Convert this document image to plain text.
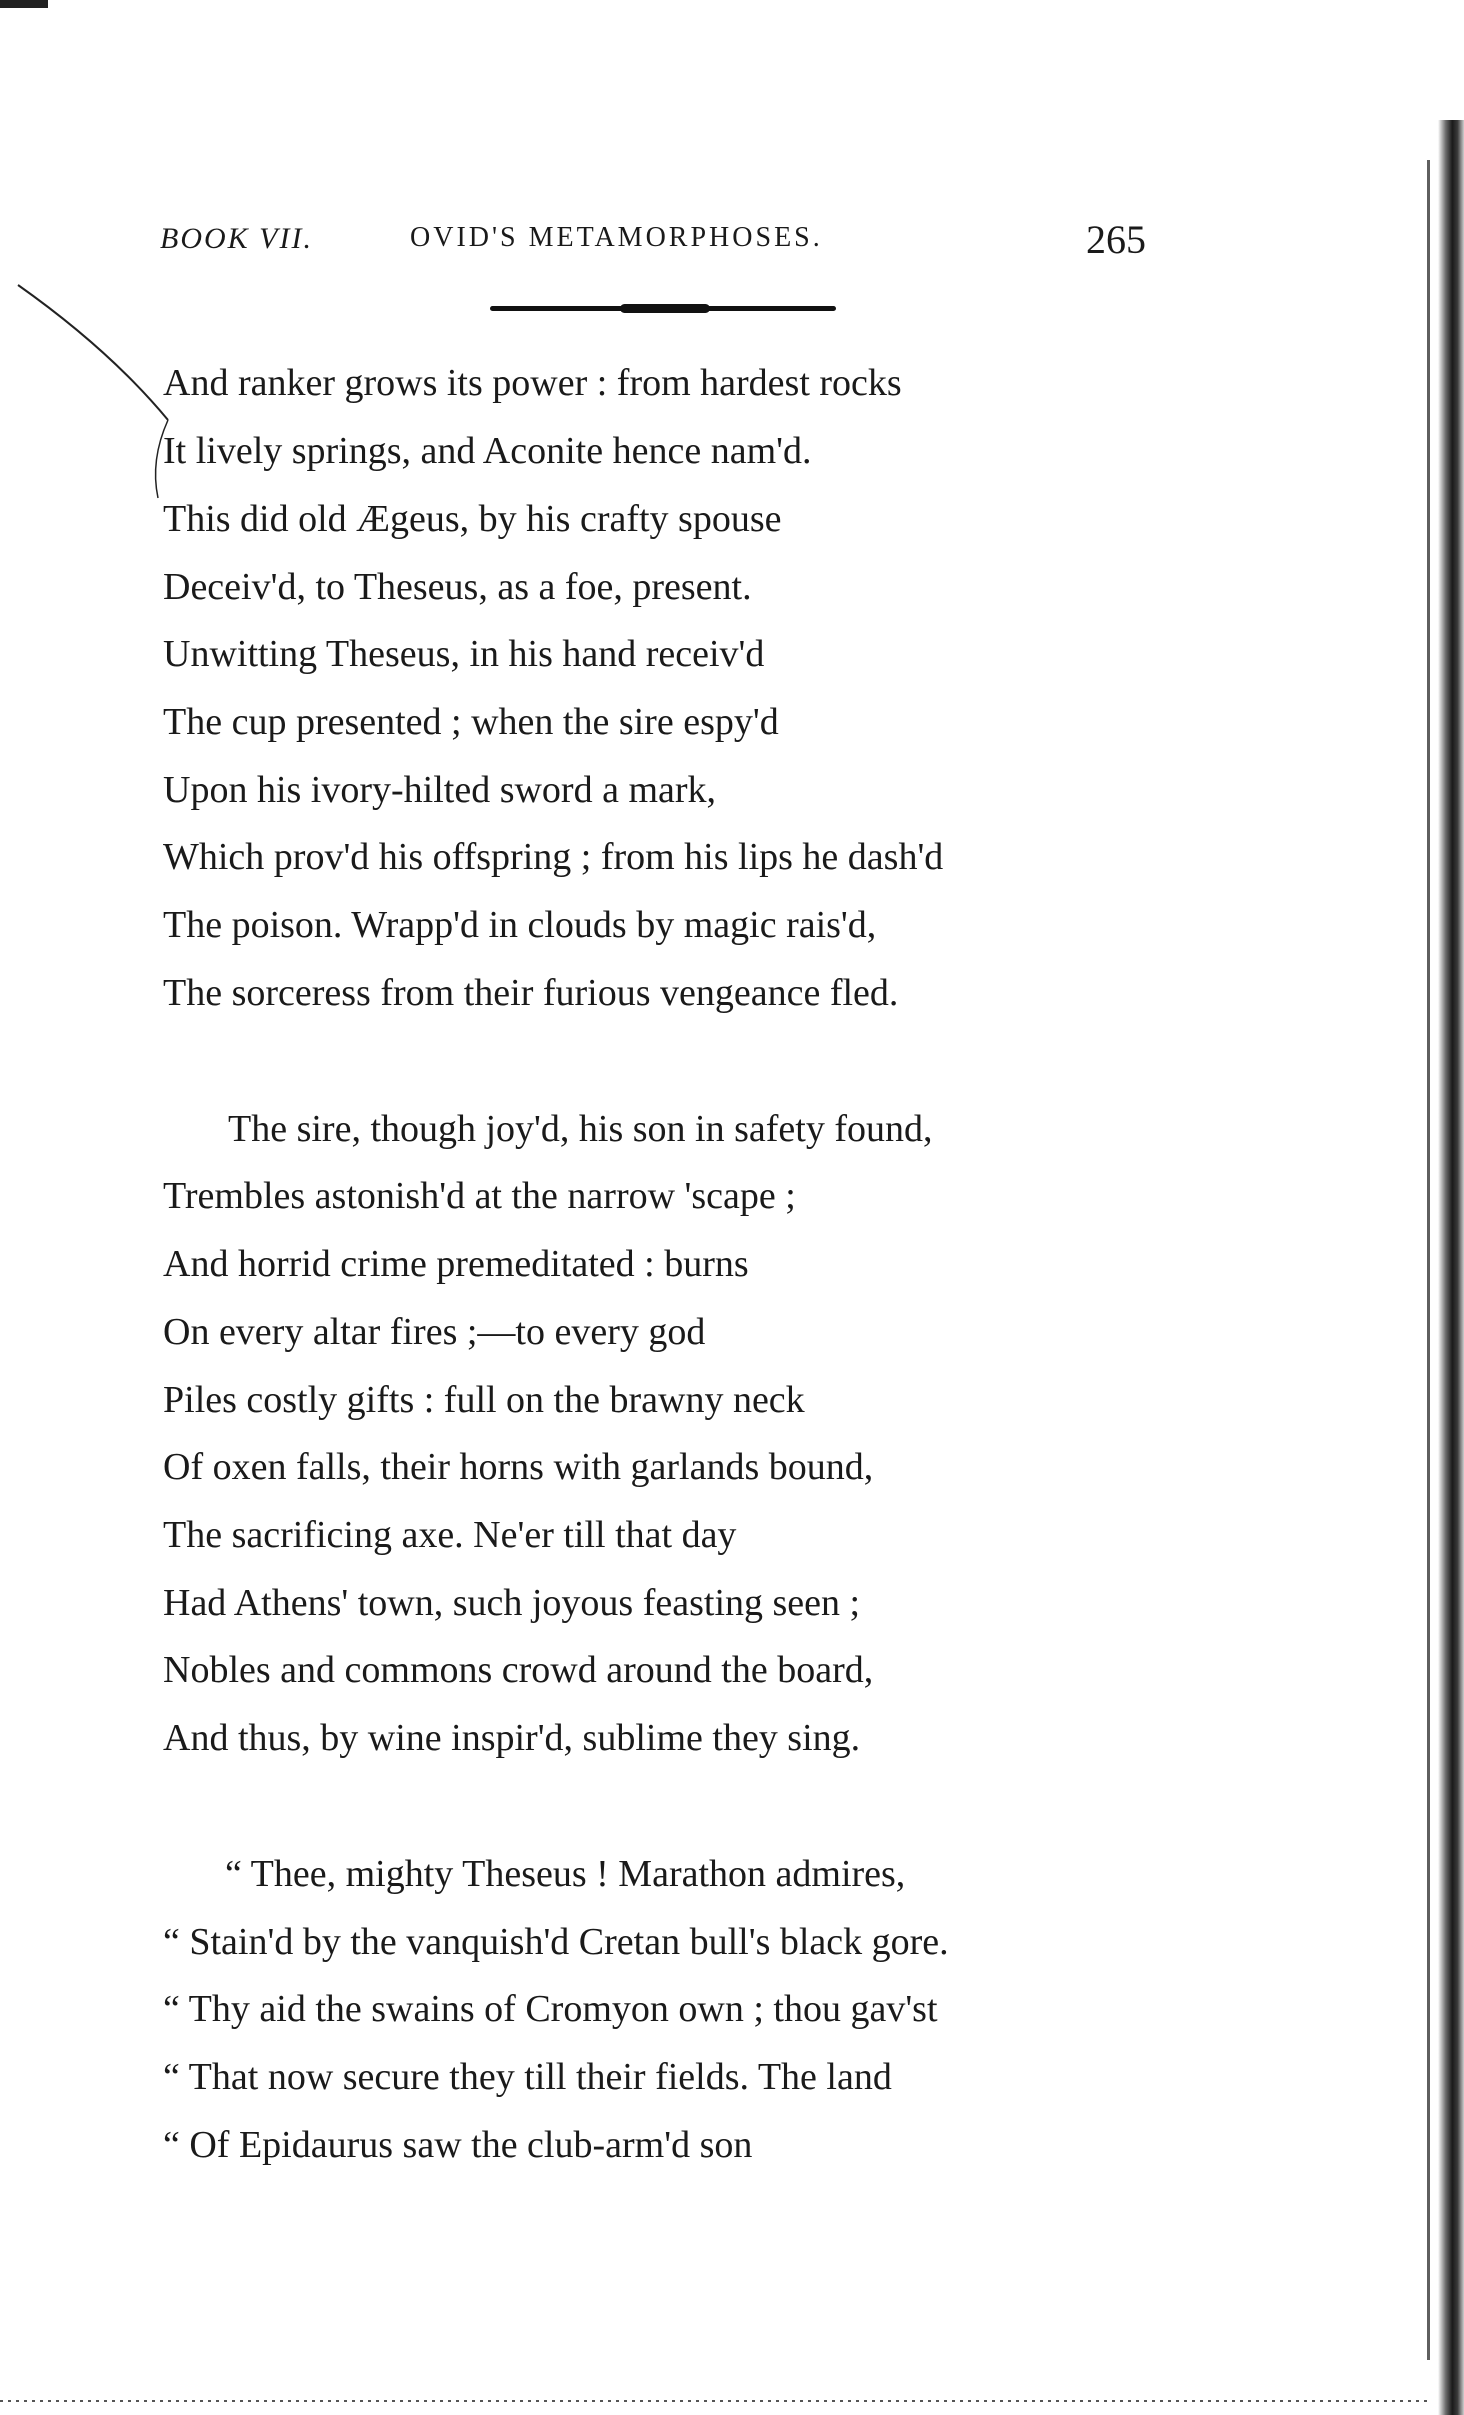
BOOK VII.	OVID'S METAMORPHOSES.	265
And ranker grows its power : from hardest rocks
It lively springs, and Aconite hence nam'd.
This did old Ægeus, by his crafty spouse
Deceiv'd, to Theseus, as a foe, present.
Unwitting Theseus, in his hand receiv'd
The cup presented ; when the sire espy'd
Upon his ivory-hilted sword a mark,
Which prov'd his offspring ; from his lips he dash'd
The poison. Wrapp'd in clouds by magic rais'd,
The sorceress from their furious vengeance fled.
The sire, though joy'd, his son in safety found,
Trembles astonish'd at the narrow 'scape ;
And horrid crime premeditated : burns
On every altar fires ;—to every god
Piles costly gifts : full on the brawny neck
Of oxen falls, their horns with garlands bound,
The sacrificing axe. Ne'er till that day
Had Athens' town, such joyous feasting seen ;
Nobles and commons crowd around the board,
And thus, by wine inspir'd, sublime they sing.
“ Thee, mighty Theseus ! Marathon admires,
“ Stain'd by the vanquish'd Cretan bull's black gore.
“ Thy aid the swains of Cromyon own ; thou gav'st
“ That now secure they till their fields. The land
“ Of Epidaurus saw the club-arm'd son
